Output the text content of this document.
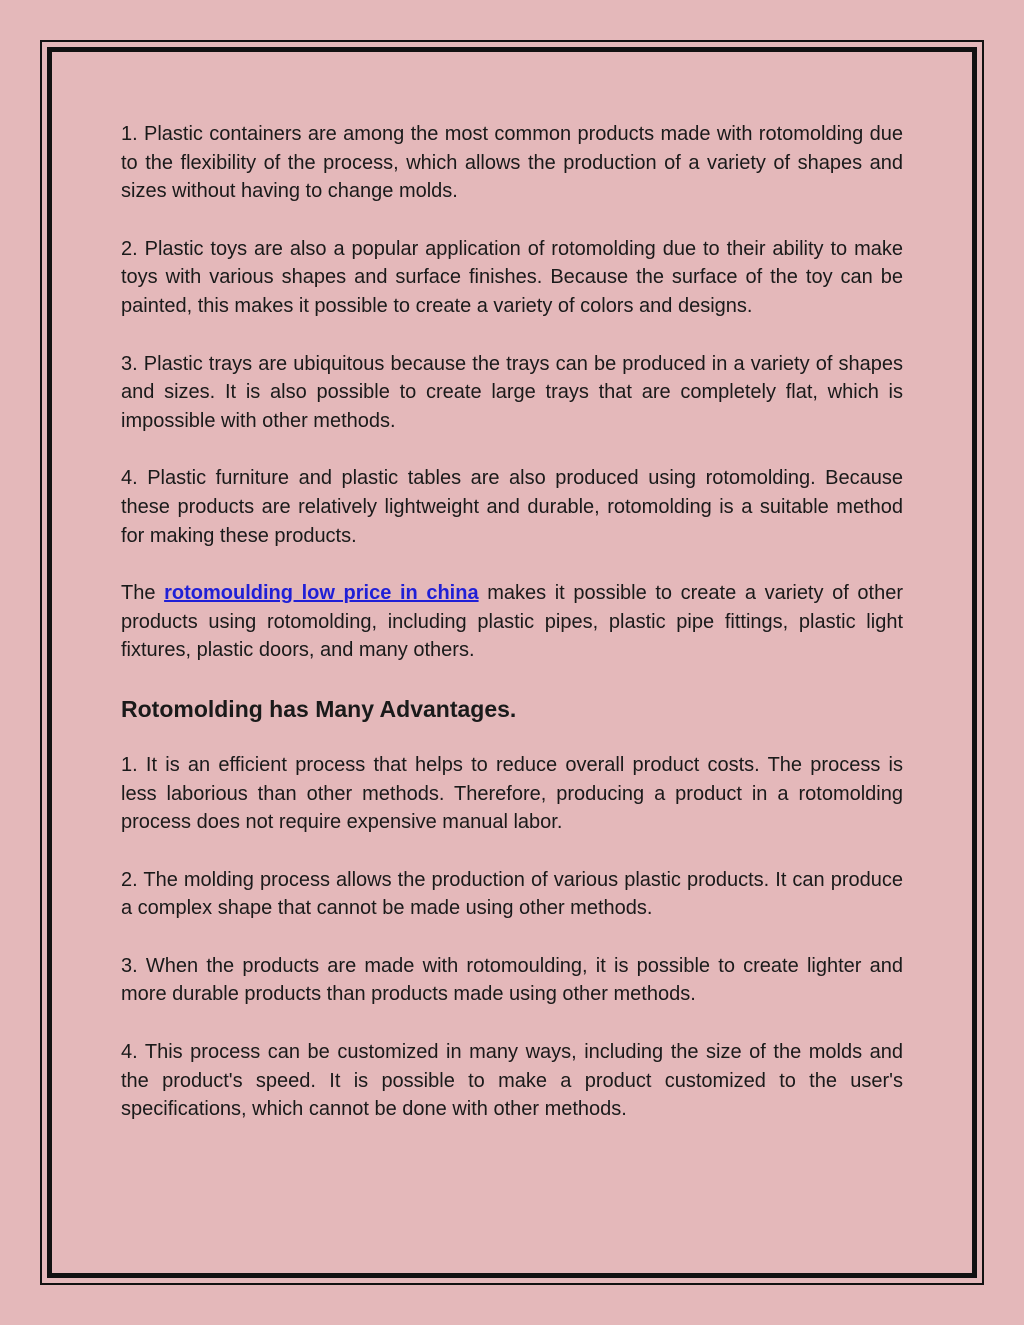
1. Plastic containers are among the most common products made with rotomolding due to the flexibility of the process, which allows the production of a variety of shapes and sizes without having to change molds.

2. Plastic toys are also a popular application of rotomolding due to their ability to make toys with various shapes and surface finishes. Because the surface of the toy can be painted, this makes it possible to create a variety of colors and designs.

3. Plastic trays are ubiquitous because the trays can be produced in a variety of shapes and sizes. It is also possible to create large trays that are completely flat, which is impossible with other methods.

4. Plastic furniture and plastic tables are also produced using rotomolding. Because these products are relatively lightweight and durable, rotomolding is a suitable method for making these products.

The rotomoulding low price in china makes it possible to create a variety of other products using rotomolding, including plastic pipes, plastic pipe fittings, plastic light fixtures, plastic doors, and many others.

Rotomolding has Many Advantages.

1. It is an efficient process that helps to reduce overall product costs. The process is less laborious than other methods. Therefore, producing a product in a rotomolding process does not require expensive manual labor.

2. The molding process allows the production of various plastic products. It can produce a complex shape that cannot be made using other methods.

3. When the products are made with rotomoulding, it is possible to create lighter and more durable products than products made using other methods.

4. This process can be customized in many ways, including the size of the molds and the product's speed. It is possible to make a product customized to the user's specifications, which cannot be done with other methods.
